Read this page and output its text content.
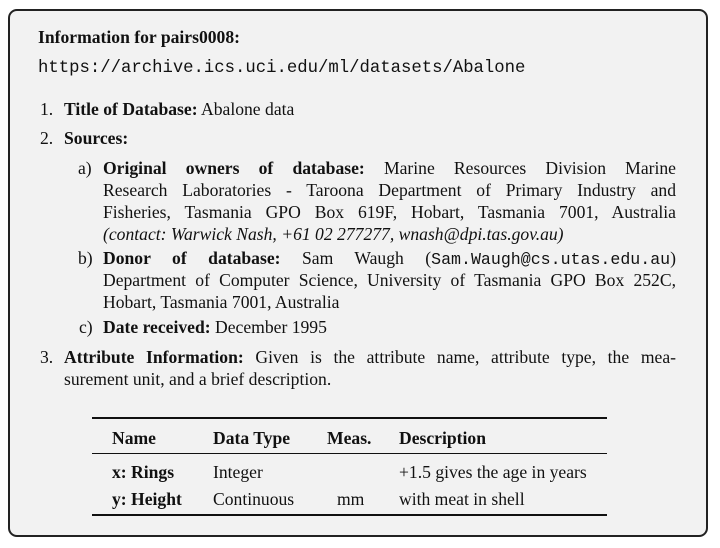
Information for pairs0008:
https://archive.ics.uci.edu/ml/datasets/Abalone
1. Title of Database: Abalone data
2. Sources:
a) Original owners of database: Marine Resources Division Marine
Research Laboratories - Taroona Department of Primary Industry and
Fisheries, Tasmania GPO Box 619F, Hobart, Tasmania 7001, Australia
(contact: Warwick Nash, +61 02 277277, wnash@dpi.tas.gov.au)
b) Donor of database: Sam Waugh (Sam.Waugh@cs.utas.edu.au)
Department of Computer Science, University of Tasmania GPO Box 252C,
Hobart, Tasmania 7001, Australia
c) Date received: December 1995
3. Attribute Information: Given is the attribute name, attribute type, the mea-
surement unit, and a brief description.
Name	Data Type Meas. Description
x: Rings Integer	+1.5 gives the age in years
y: Height Continuous mm with meat in shell
